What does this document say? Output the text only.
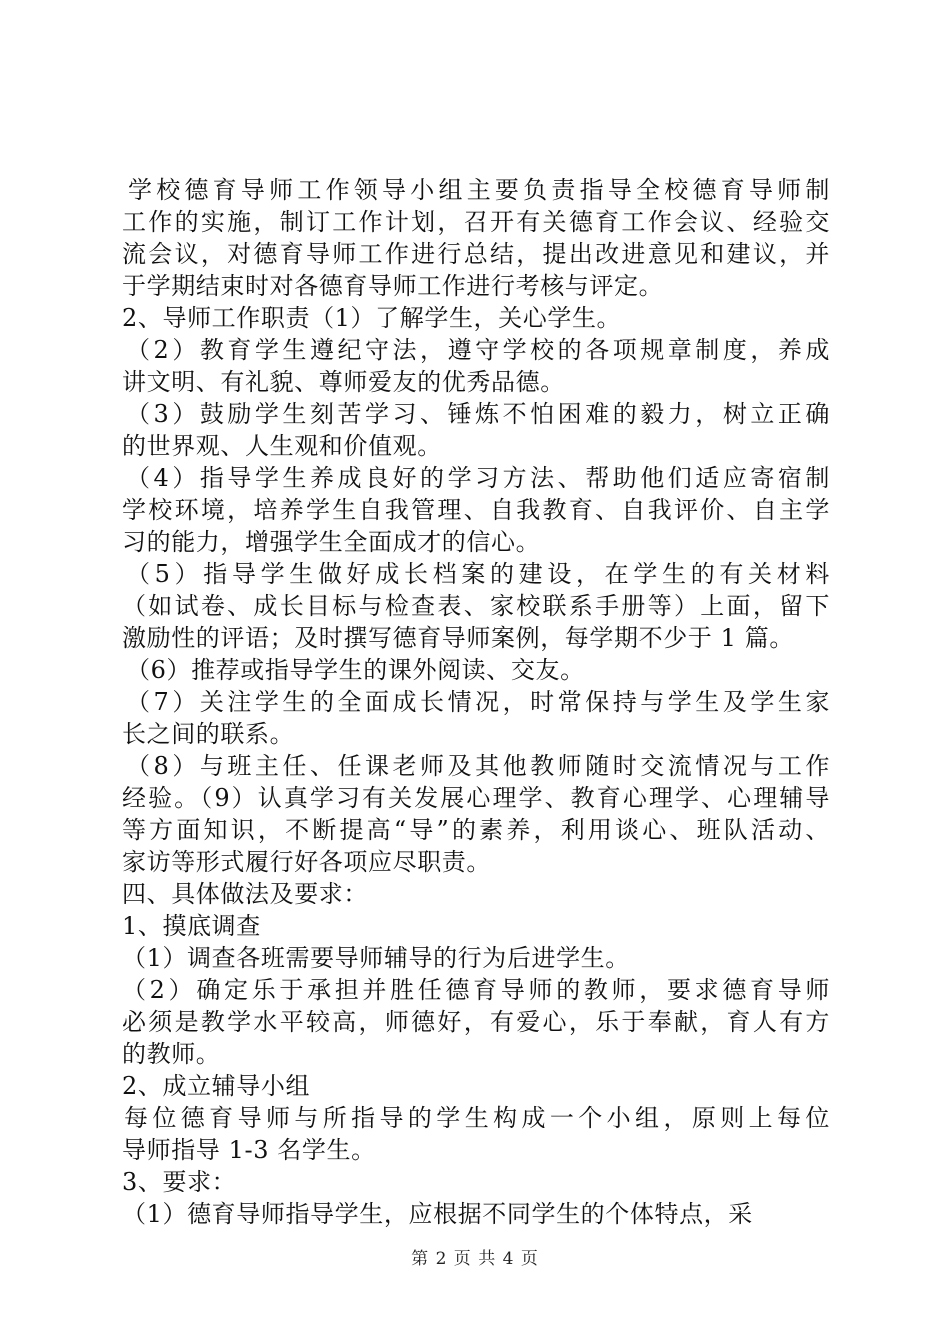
学校德育导师工作领导小组主要负责指导全校德育导师制
工作的实施，制订工作计划，召开有关德育工作会议、经验交
流会议，对德育导师工作进行总结，提出改进意见和建议，并
于学期结束时对各德育导师工作进行考核与评定。
2、导师工作职责（1）了解学生，关心学生。
（2）教育学生遵纪守法，遵守学校的各项规章制度，养成
讲文明、有礼貌、尊师爱友的优秀品德。
（3）鼓励学生刻苦学习、锤炼不怕困难的毅力，树立正确
的世界观、人生观和价值观。
（4）指导学生养成良好的学习方法、帮助他们适应寄宿制
学校环境，培养学生自我管理、自我教育、自我评价、自主学
习的能力，增强学生全面成才的信心。
（5）指导学生做好成长档案的建设，在学生的有关材料
（如试卷、成长目标与检查表、家校联系手册等）上面，留下
激励性的评语；及时撰写德育导师案例，每学期不少于 1 篇。
（6）推荐或指导学生的课外阅读、交友。
（7）关注学生的全面成长情况，时常保持与学生及学生家
长之间的联系。
（8）与班主任、任课老师及其他教师随时交流情况与工作
经验。（9）认真学习有关发展心理学、教育心理学、心理辅导
等方面知识，不断提高“导”的素养，利用谈心、班队活动、
家访等形式履行好各项应尽职责。
四、具体做法及要求：
1、摸底调查
（1）调查各班需要导师辅导的行为后进学生。
（2）确定乐于承担并胜任德育导师的教师，要求德育导师
必须是教学水平较高，师德好，有爱心，乐于奉献，育人有方
的教师。
2、成立辅导小组
每位德育导师与所指导的学生构成一个小组，原则上每位
导师指导 1-3 名学生。
3、要求：
（1）德育导师指导学生，应根据不同学生的个体特点，采
第 2 页 共 4 页
